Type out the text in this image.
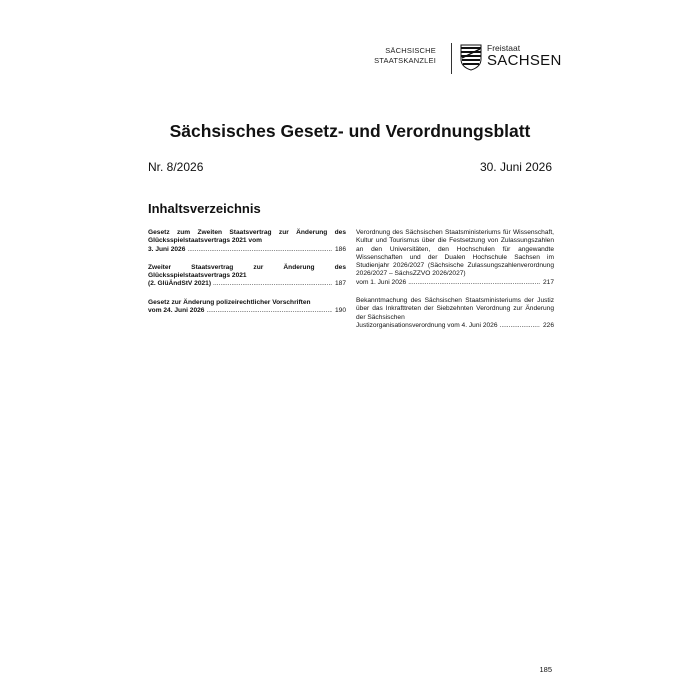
SÄCHSISCHE
STAATSKANZLEI
Freistaat
SACHSEN
Sächsisches Gesetz- und Verordnungsblatt
Nr. 8/2026	30. Juni 2026
Inhaltsverzeichnis
Gesetz zum Zweiten Staatsvertrag zur Änderung des Glücksspielstaatsvertrags 2021 vom
3. Juni 2026 .....	186
Zweiter Staatsvertrag zur Änderung des Glücksspielstaatsvertrags 2021
(2. GlüÄndStV 2021) .....	187
Gesetz zur Änderung polizeirechtlicher Vorschriften
vom 24. Juni 2026 .....	190
Verordnung des Sächsischen Staatsministeriums für Wissenschaft, Kultur und Tourismus über die Festsetzung von Zulassungszahlen an den Universitäten, den Hochschulen für angewandte Wissenschaften und der Dualen Hochschule Sachsen im Studienjahr 2026/2027 (Sächsische Zulassungszahlenverordnung 2026/2027 – SächsZZVO 2026/2027)
vom 1. Juni 2026 .....	217
Bekanntmachung des Sächsischen Staatsministeriums der Justiz über das Inkrafttreten der Siebzehnten Verordnung zur Änderung der Sächsischen
Justizorganisationsverordnung vom 4. Juni 2026 .....	226
185
